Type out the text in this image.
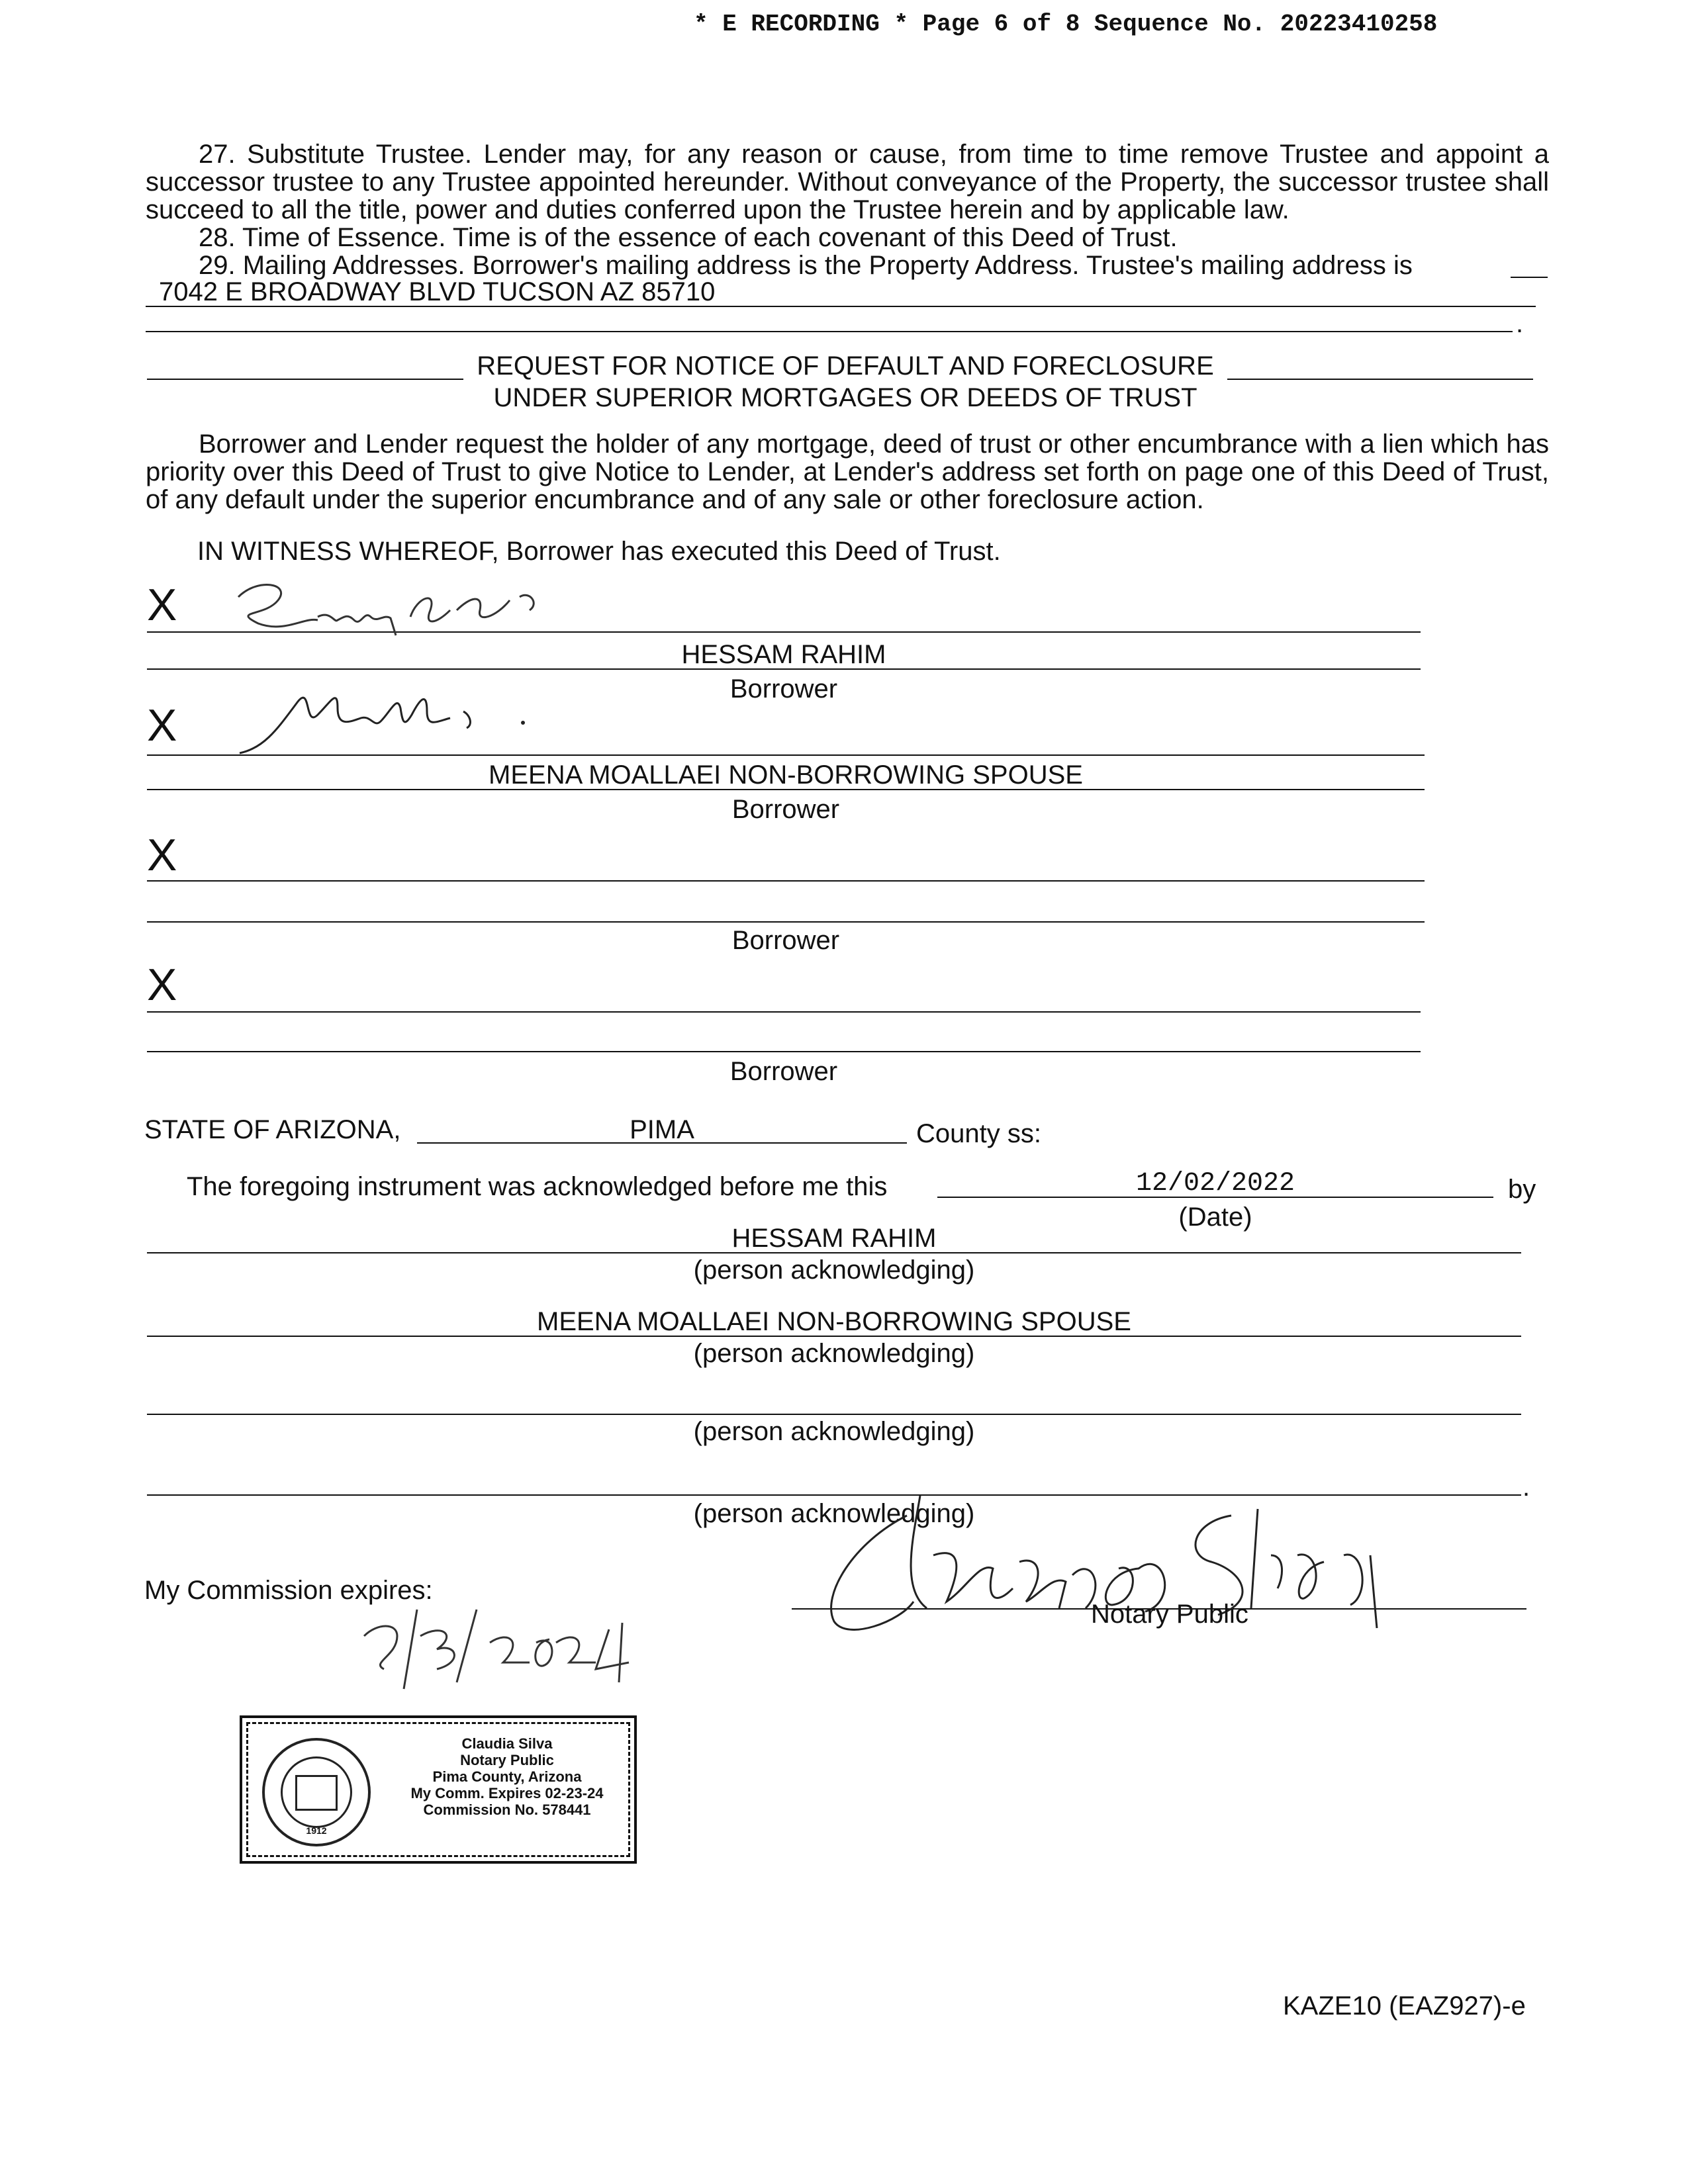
* E RECORDING * Page 6 of 8 Sequence No. 20223410258
27. Substitute Trustee. Lender may, for any reason or cause, from time to time remove Trustee and appoint a successor trustee to any Trustee appointed hereunder. Without conveyance of the Property, the successor trustee shall succeed to all the title, power and duties conferred upon the Trustee herein and by applicable law.
28. Time of Essence. Time is of the essence of each covenant of this Deed of Trust.
29. Mailing Addresses. Borrower's mailing address is the Property Address. Trustee's mailing address is
7042 E BROADWAY BLVD TUCSON AZ 85710
.
REQUEST FOR NOTICE OF DEFAULT AND FORECLOSURE
UNDER SUPERIOR MORTGAGES OR DEEDS OF TRUST
Borrower and Lender request the holder of any mortgage, deed of trust or other encumbrance with a lien which has priority over this Deed of Trust to give Notice to Lender, at Lender's address set forth on page one of this Deed of Trust, of any default under the superior encumbrance and of any sale or other foreclosure action.
IN WITNESS WHEREOF, Borrower has executed this Deed of Trust.
X
HESSAM RAHIM
Borrower
X
MEENA MOALLAEI NON-BORROWING SPOUSE
Borrower
X
Borrower
X
Borrower
STATE OF ARIZONA,	PIMA	County ss:
The foregoing instrument was acknowledged before me this	12/02/2022	by
(Date)
HESSAM RAHIM
(person acknowledging)
MEENA MOALLAEI NON-BORROWING SPOUSE
(person acknowledging)
(person acknowledging)
.
(person acknowledging)
My Commission expires:
Notary Public
1912
Claudia Silva
Notary Public
Pima County, Arizona
My Comm. Expires 02-23-24
Commission No. 578441
KAZE10 (EAZ927)-e
